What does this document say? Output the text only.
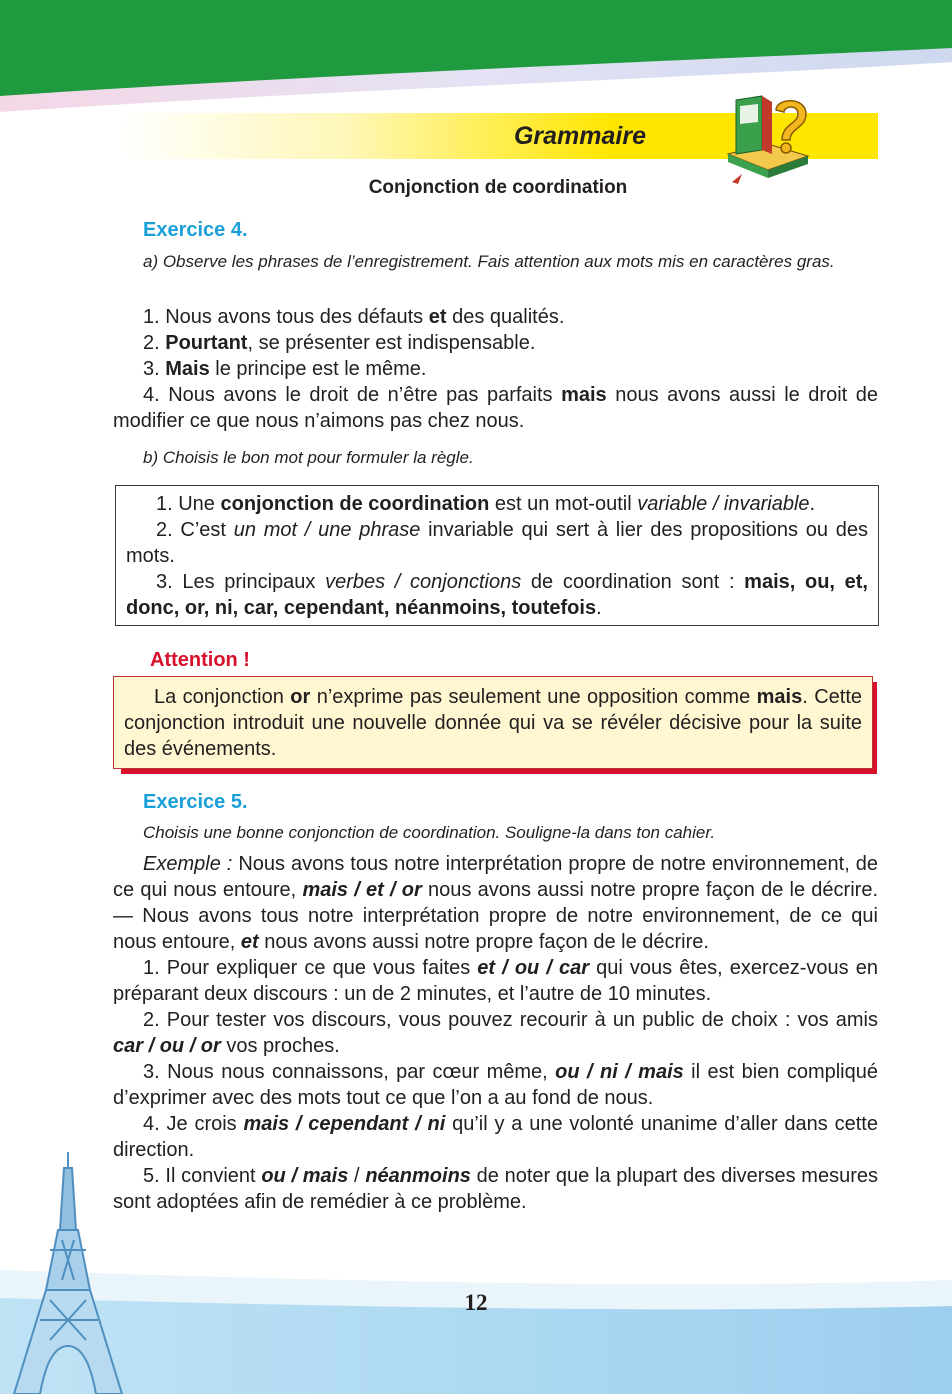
Grammaire
Conjonction de coordination
Exercice 4.

a) Observe les phrases de l’enregistrement. Fais attention aux mots mis en caractères gras.

1. Nous avons tous des défauts et des qualités.

2. Pourtant, se présenter est indispensable.

3. Mais le principe est le même.

4. Nous avons le droit de n’être pas parfaits mais nous avons aussi le droit de modifier ce que nous n’aimons pas chez nous.

b) Choisis le bon mot pour formuler la règle.

1. Une conjonction de coordination est un mot-outil variable / invariable.

2. C’est un mot / une phrase invariable qui sert à lier des propositions ou des mots.

3. Les principaux verbes / conjonctions de coordination sont : mais, ou, et, donc, or, ni, car, cependant, néanmoins, toutefois.

Attention !

La conjonction or n’exprime pas seulement une opposition comme mais. Cette conjonction introduit une nouvelle donnée qui va se révéler décisive pour la suite des événements.

Exercice 5.

Choisis une bonne conjonction de coordination. Souligne-la dans ton cahier.

Exemple : Nous avons tous notre interprétation propre de notre environnement, de ce qui nous entoure, mais / et / or nous avons aussi notre propre façon de le décrire. — Nous avons tous notre interprétation propre de notre environnement, de ce qui nous entoure, et nous avons aussi notre propre façon de le décrire.

1. Pour expliquer ce que vous faites et / ou / car qui vous êtes, exercez-vous en préparant deux discours : un de 2 minutes, et l’autre de 10 minutes.

2. Pour tester vos discours, vous pouvez recourir à un public de choix : vos amis car / ou / or vos proches.

3. Nous nous connaissons, par cœur même, ou / ni / mais il est bien compliqué d’exprimer avec des mots tout ce que l’on a au fond de nous.

4. Je crois mais / cependant / ni qu’il y a une volonté unanime d’aller dans cette direction.

5. Il convient ou / mais / néanmoins de noter que la plupart des diverses mesures sont adoptées afin de remédier à ce problème.

12
